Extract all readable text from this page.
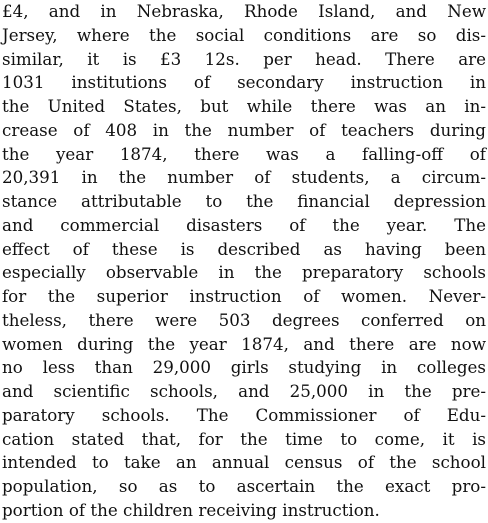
£4, and in Nebraska, Rhode Island, and New
Jersey, where the social conditions are so dis-
similar, it is £3 12s. per head. There are
1031 institutions of secondary instruction in
the United States, but while there was an in-
crease of 408 in the number of teachers during
the year 1874, there was a falling-off of
20,391 in the number of students, a circum-
stance attributable to the financial depression
and commercial disasters of the year. The
effect of these is described as having been
especially observable in the preparatory schools
for the superior instruction of women. Never-
theless, there were 503 degrees conferred on
women during the year 1874, and there are now
no less than 29,000 girls studying in colleges
and scientific schools, and 25,000 in the pre-
paratory schools. The Commissioner of Edu-
cation stated that, for the time to come, it is
intended to take an annual census of the school
population, so as to ascertain the exact pro-
portion of the children receiving instruction.
